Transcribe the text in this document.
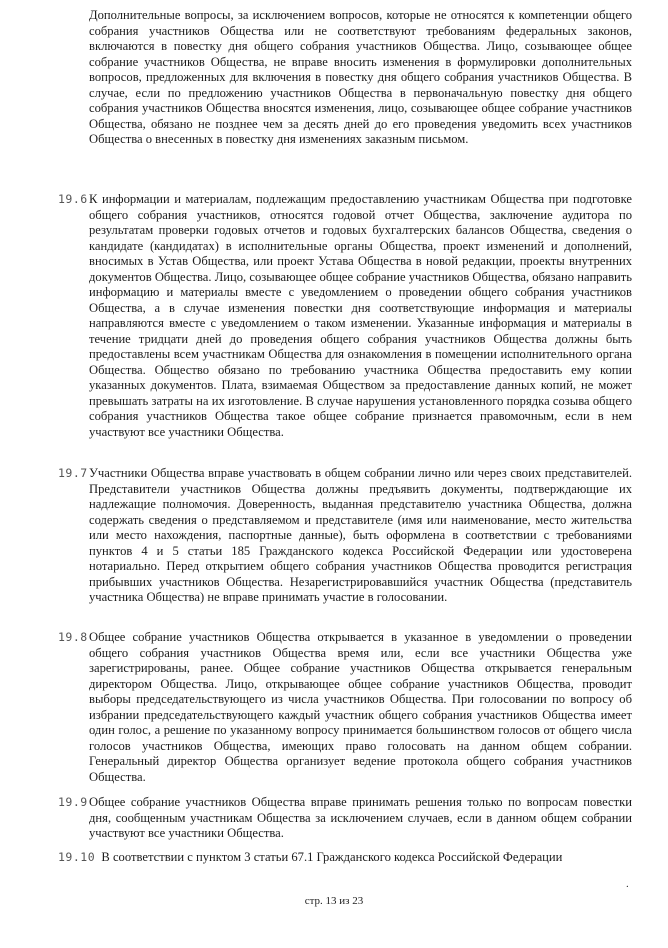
Дополнительные вопросы, за исключением вопросов, которые не относятся к компетенции общего собрания участников Общества или не соответствуют требованиям федеральных законов, включаются в повестку дня общего собрания участников Общества. Лицо, созывающее общее собрание участников Общества, не вправе вносить изменения в формулировки дополнительных вопросов, предложенных для включения в повестку дня общего собрания участников Общества. В случае, если по предложению участников Общества в первоначальную повестку дня общего собрания участников Общества вносятся изменения, лицо, созывающее общее собрание участников Общества, обязано не позднее чем за десять дней до его проведения уведомить всех участников Общества о внесенных в повестку дня изменениях заказным письмом.

19.6 К информации и материалам, подлежащим предоставлению участникам Общества при подготовке общего собрания участников, относятся годовой отчет Общества, заключение аудитора по результатам проверки годовых отчетов и годовых бухгалтерских балансов Общества, сведения о кандидате (кандидатах) в исполнительные органы Общества, проект изменений и дополнений, вносимых в Устав Общества, или проект Устава Общества в новой редакции, проекты внутренних документов Общества. Лицо, созывающее общее собрание участников Общества, обязано направить информацию и материалы вместе с уведомлением о проведении общего собрания участников Общества, а в случае изменения повестки дня соответствующие информация и материалы направляются вместе с уведомлением о таком изменении. Указанные информация и материалы в течение тридцати дней до проведения общего собрания участников Общества должны быть предоставлены всем участникам Общества для ознакомления в помещении исполнительного органа Общества. Общество обязано по требованию участника Общества предоставить ему копии указанных документов. Плата, взимаемая Обществом за предоставление данных копий, не может превышать затраты на их изготовление. В случае нарушения установленного порядка созыва общего собрания участников Общества такое общее собрание признается правомочным, если в нем участвуют все участники Общества.

19.7 Участники Общества вправе участвовать в общем собрании лично или через своих представителей. Представители участников Общества должны предъявить документы, подтверждающие их надлежащие полномочия. Доверенность, выданная представителю участника Общества, должна содержать сведения о представляемом и представителе (имя или наименование, место жительства или место нахождения, паспортные данные), быть оформлена в соответствии с требованиями пунктов 4 и 5 статьи 185 Гражданского кодекса Российской Федерации или удостоверена нотариально. Перед открытием общего собрания участников Общества проводится регистрация прибывших участников Общества. Незарегистрировавшийся участник Общества (представитель участника Общества) не вправе принимать участие в голосовании.

19.8 Общее собрание участников Общества открывается в указанное в уведомлении о проведении общего собрания участников Общества время или, если все участники Общества уже зарегистрированы, ранее. Общее собрание участников Общества открывается генеральным директором Общества. Лицо, открывающее общее собрание участников Общества, проводит выборы председательствующего из числа участников Общества. При голосовании по вопросу об избрании председательствующего каждый участник общего собрания участников Общества имеет один голос, а решение по указанному вопросу принимается большинством голосов от общего числа голосов участников Общества, имеющих право голосовать на данном общем собрании. Генеральный директор Общества организует ведение протокола общего собрания участников Общества.

19.9 Общее собрание участников Общества вправе принимать решения только по вопросам повестки дня, сообщенным участникам Общества за исключением случаев, если в данном общем собрании участвуют все участники Общества.

19.10 В соответствии с пунктом 3 статьи 67.1 Гражданского кодекса Российской Федерации

.
стр. 13 из 23
